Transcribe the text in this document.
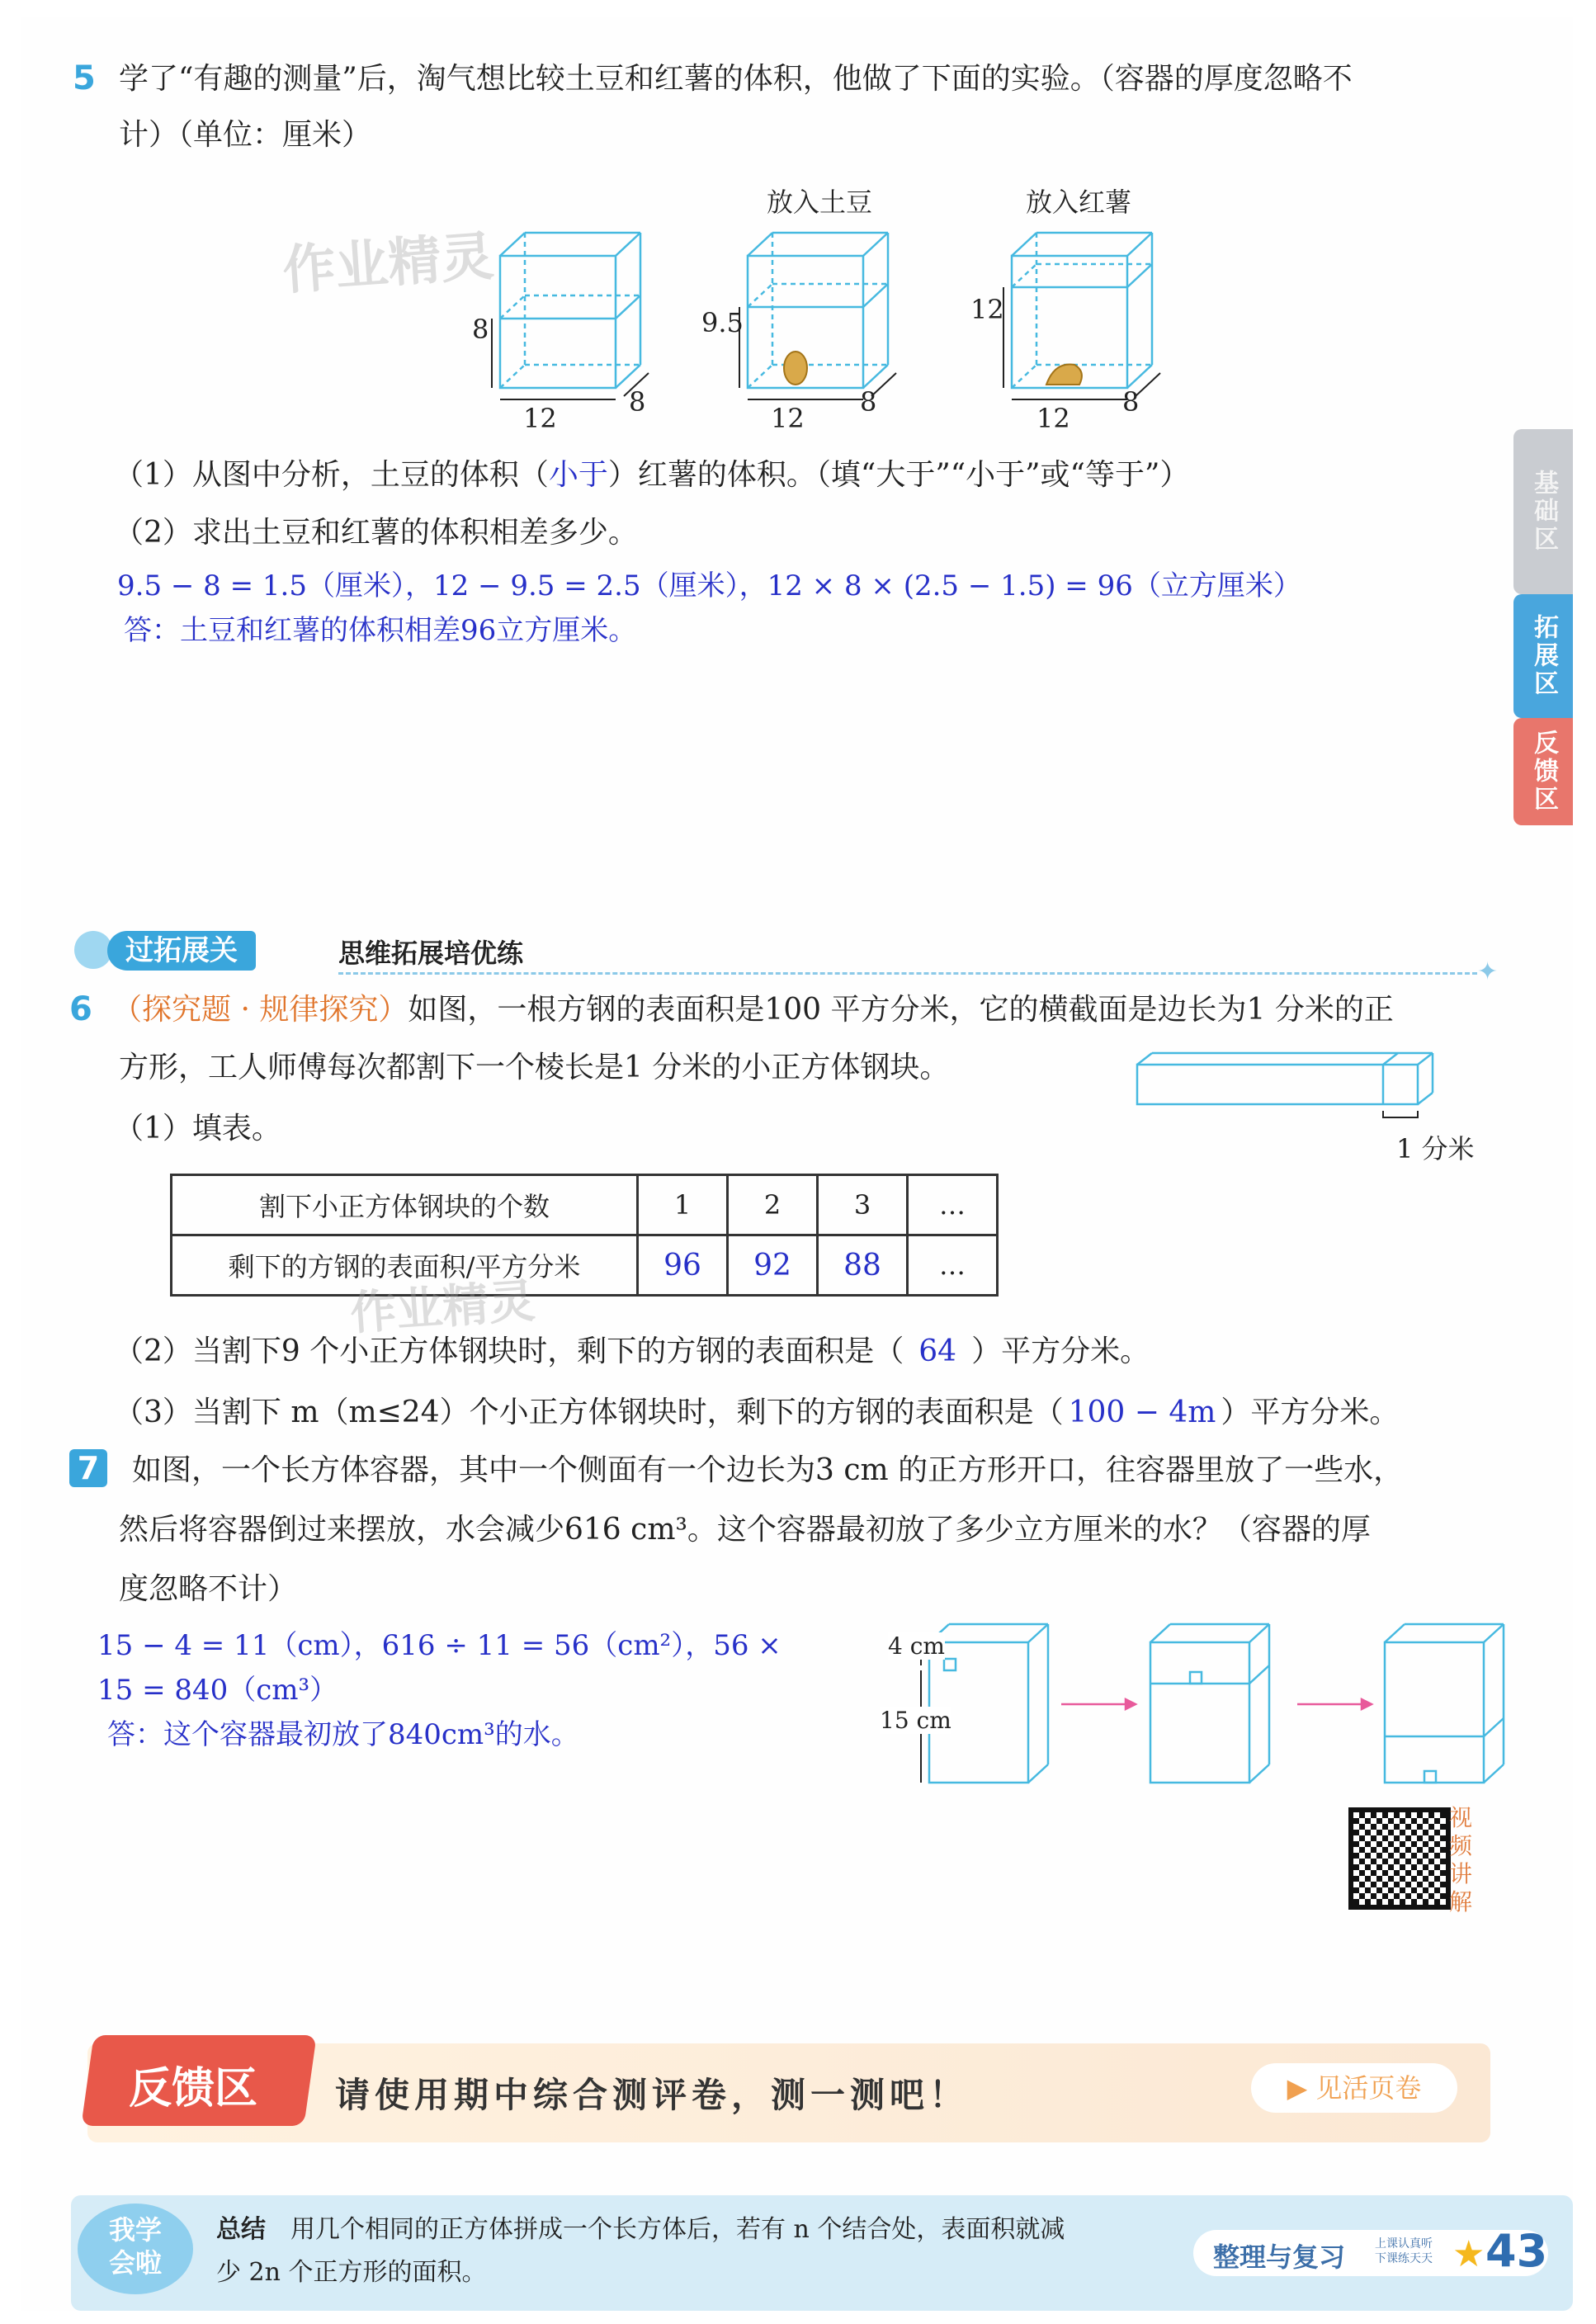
5 学了“有趣的测量”后，淘气想比较土豆和红薯的体积，他做了下面的实验。（容器的厚度忽略不
计）（单位：厘米）
作业精灵
放入土豆	放入红薯
8
12
8
9.5
12
8
12
12
8
（1）从图中分析，土豆的体积（小于）红薯的体积。（填“大于”“小于”或“等于”）
（2）求出土豆和红薯的体积相差多少。
9.5 − 8 = 1.5（厘米），12 − 9.5 = 2.5（厘米），12 × 8 × (2.5 − 1.5) = 96（立方厘米）
答：土豆和红薯的体积相差96立方厘米。
基础区
拓展区
反馈区
过拓展关	思维拓展培优练
✦
6 （探究题 · 规律探究）如图，一根方钢的表面积是100 平方分米，它的横截面是边长为1 分米的正
方形，工人师傅每次都割下一个棱长是1 分米的小正方体钢块。
1 分米
（1）填表。
割下小正方体钢块的个数	1	2	3	…
剩下的方钢的表面积/平方分米	96	92	88	…
作业精灵
（2）当割下9 个小正方体钢块时，剩下的方钢的表面积是（ 64 ）平方分米。
（3）当割下 m（m≤24）个小正方体钢块时，剩下的方钢的表面积是（ 100 − 4m ）平方分米。
7 如图，一个长方体容器，其中一个侧面有一个边长为3 cm 的正方形开口，往容器里放了一些水，
然后将容器倒过来摆放，水会减少616 cm³。这个容器最初放了多少立方厘米的水？（容器的厚
度忽略不计）
15 − 4 = 11（cm），616 ÷ 11 = 56（cm²），56 ×
15 = 840（cm³）
答：这个容器最初放了840cm³的水。
4 cm
15 cm
视频讲解
反馈区 请使用期中综合测评卷，测一测吧！	▶ 见活页卷
我学会啦
总结 用几个相同的正方体拼成一个长方体后，若有 n 个结合处，表面积就减
少 2n 个正方形的面积。	整理与复习	上课认真听
下课练天天 ★ 43
